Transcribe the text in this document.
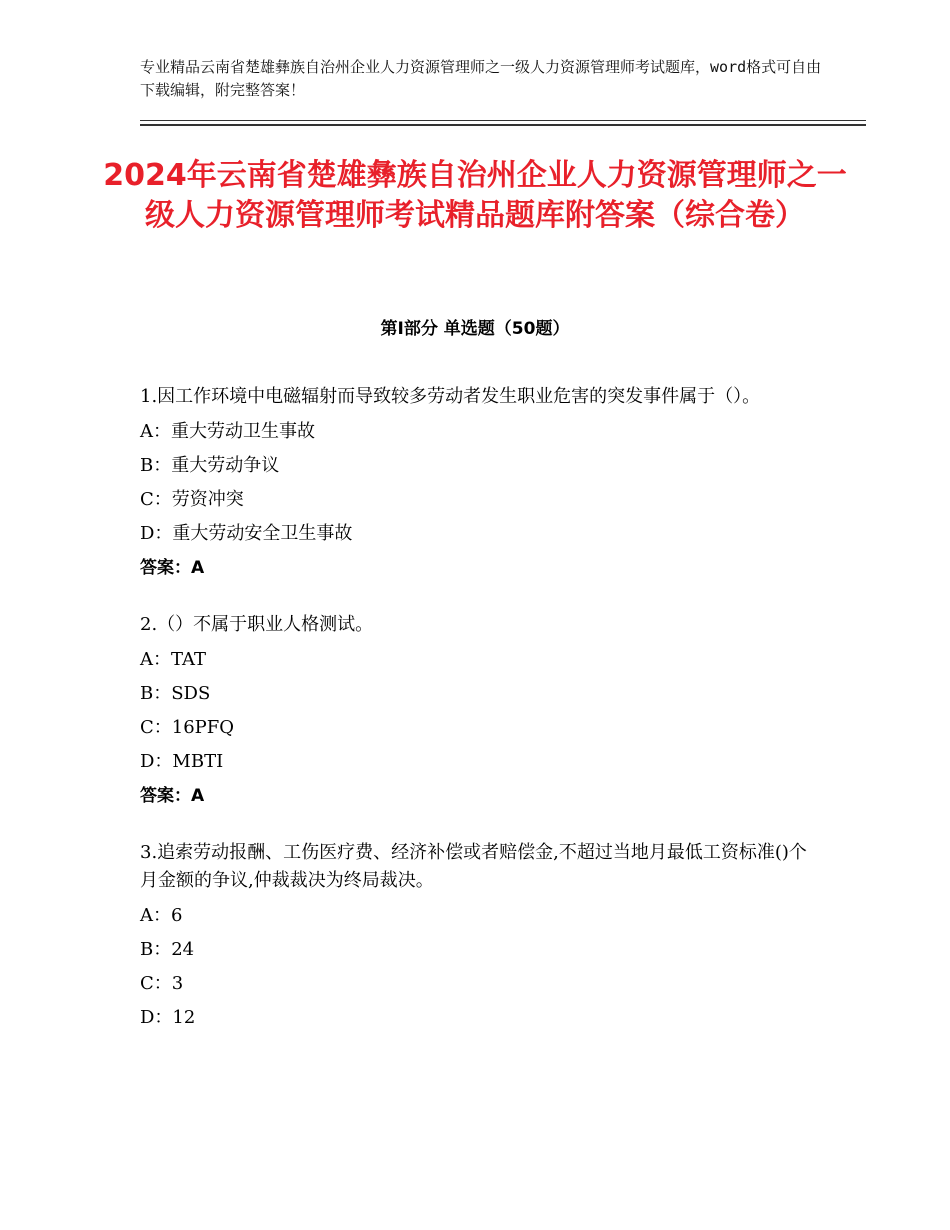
专业精品云南省楚雄彝族自治州企业人力资源管理师之一级人力资源管理师考试题库，word格式可自由下载编辑，附完整答案！
2024年云南省楚雄彝族自治州企业人力资源管理师之一级人力资源管理师考试精品题库附答案（综合卷）
第Ⅰ部分 单选题（50题）

1.因工作环境中电磁辐射而导致较多劳动者发生职业危害的突发事件属于（）。

A：重大劳动卫生事故

B：重大劳动争议

C：劳资冲突

D：重大劳动安全卫生事故

答案：A

2.（）不属于职业人格测试。

A：TAT

B：SDS

C：16PFQ

D：MBTI

答案：A

3.追索劳动报酬、工伤医疗费、经济补偿或者赔偿金,不超过当地月最低工资标准()个月金额的争议,仲裁裁决为终局裁决。

A：6

B：24

C：3

D：12
